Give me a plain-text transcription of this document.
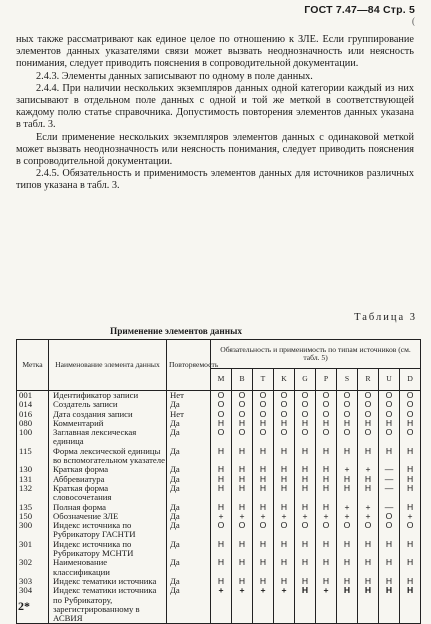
ГОСТ 7.47—84 Стр. 5
(

ных также рассматривают как единое целое по отношению к ЗЛЕ. Если группирование элементов данных указателями связи может вызвать неоднозначность или неясность понимания, следует приводить пояснения в сопроводительной документации.

2.4.3. Элементы данных записывают по одному в поле данных.

2.4.4. При наличии нескольких экземпляров данных одной категории каждый из них записывают в отдельном поле данных с одной и той же меткой в соответствующей каждому полю статье справочника. Допустимость повторения элементов данных указана в табл. 3.

Если применение нескольких экземпляров элементов данных с одинаковой меткой может вызвать неоднозначность или неясность понимания, следует приводить пояснения в сопроводительной документации.

2.4.5. Обязательность и применимость элементов данных для источников различных типов указана в табл. 3.

Таблица 3
Применение элементов данных
Метка	Наименование элемента данных	Повторяемость	Обязательность и применимость по типам источников (см. табл. 5)									
			M	B	T	K	G	P	S	R	U	D
001	Идентификатор записи	Нет	О	О	О	О	О	О	О	О	О	О
014	Создатель записи	Да	О	О	О	О	О	О	О	О	О	О
016	Дата создания записи	Нет	О	О	О	О	О	О	О	О	О	О
080	Комментарий	Да	Н	Н	Н	Н	Н	Н	Н	Н	Н	Н
100	Заглавная лексическая единица	Да	О	О	О	О	О	О	О	О	О	О
115	Форма лексической единицы во вспомогательном указателе	Да	Н	Н	Н	Н	Н	Н	Н	Н	Н	Н
130	Краткая форма	Да	Н	Н	Н	Н	Н	Н	+	+	—	Н
131	Аббревиатура	Да	Н	Н	Н	Н	Н	Н	Н	Н	—	Н
132	Краткая форма словосочетания	Да	Н	Н	Н	Н	Н	Н	Н	Н	—	Н
135	Полная форма	Да	Н	Н	Н	Н	Н	Н	+	+	—	Н
150	Обозначение ЗЛЕ	Да	+	+	+	+	+	+	+	+	О	+
300	Индекс источника по Рубрикатору ГАСНТИ	Да	О	О	О	О	О	О	О	О	О	О
301	Индекс источника по Рубрикатору МСНТИ	Да	Н	Н	Н	Н	Н	Н	Н	Н	Н	Н
302	Наименование классификации	Да	Н	Н	Н	Н	Н	Н	Н	Н	Н	Н
303	Индекс тематики источника	Да	Н	Н	Н	Н	Н	Н	Н	Н	Н	Н
304	Индекс тематики источника по Рубрикатору, зарегистрированному в АСВИЯ	Да	+	+	+	+	Н	+	Н	Н	Н	Н
2*
